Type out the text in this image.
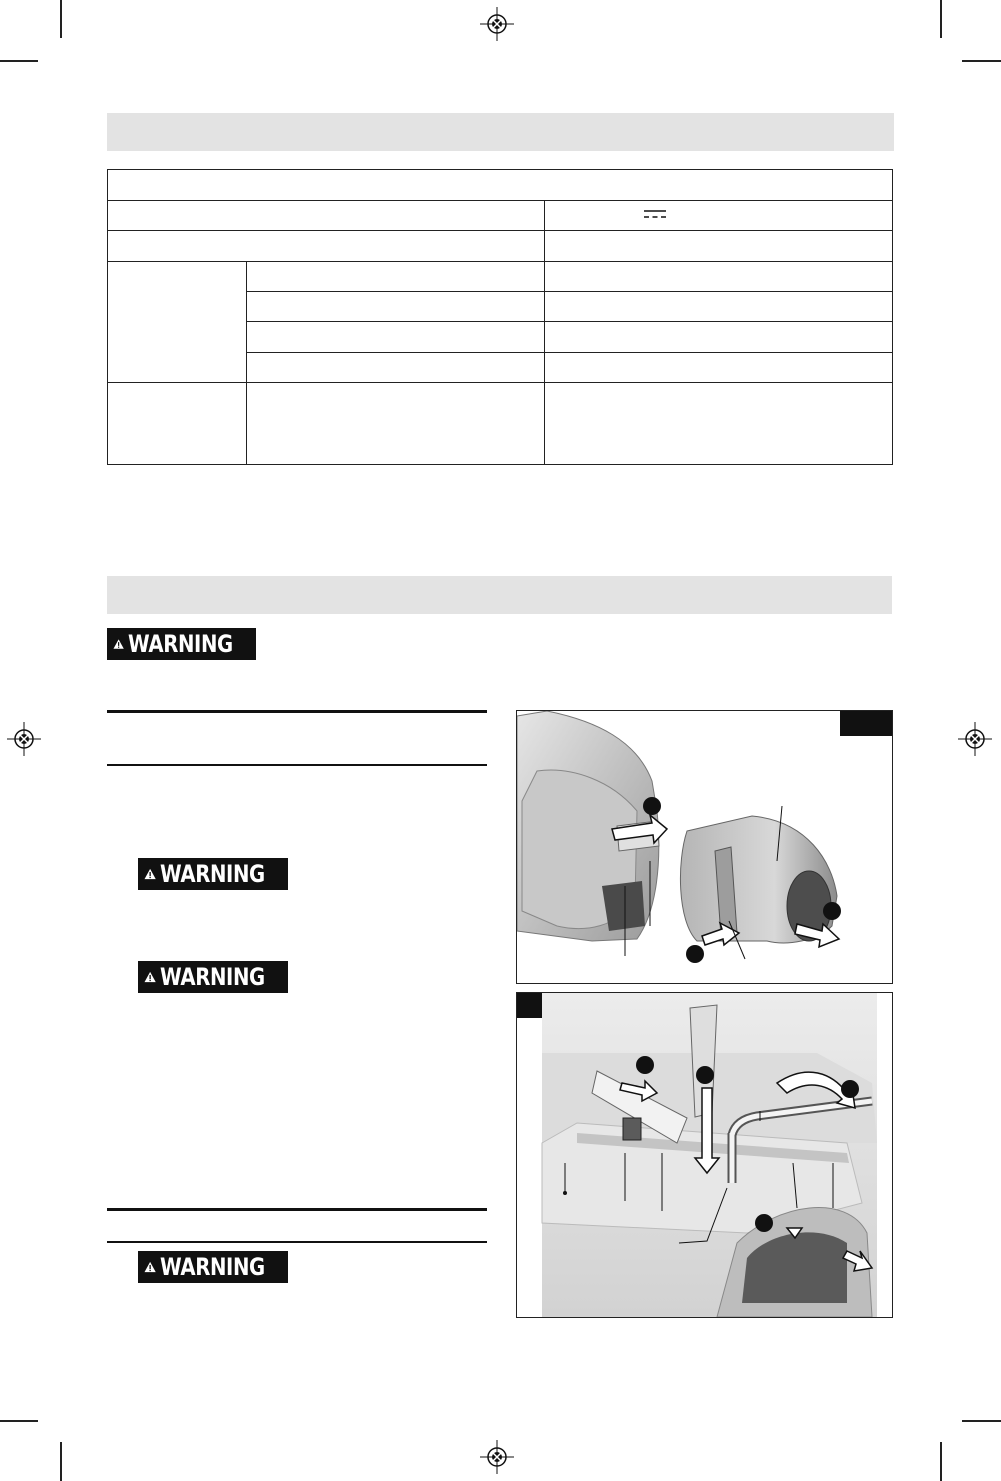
WARNING
WARNING
WARNING
WARNING
